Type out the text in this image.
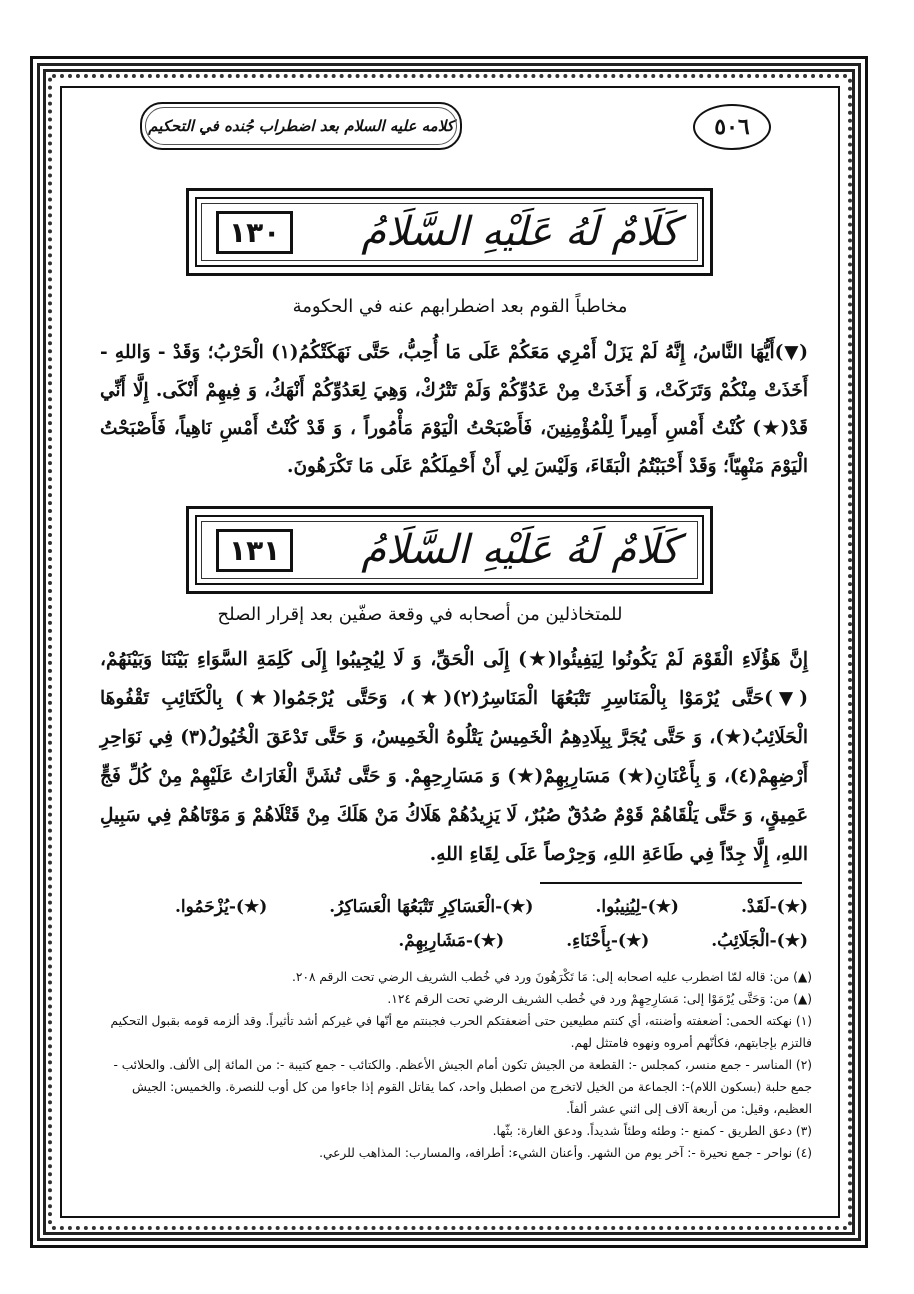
كلامه عليه السلام بعد اضطراب جُنده في التحكيم	٥٠٦
كَلَامٌ لَهُ عَلَيْهِ السَّلَامُ
١٣٠
مخاطباً القوم بعد اضطرابهم عنه في الحكومة
(▼)أَيُّهَا النَّاسُ، إِنَّهُ لَمْ يَزَلْ أَمْرِي مَعَكُمْ عَلَى مَا أُحِبُّ، حَتَّى نَهَكَتْكُمُ(١) الْحَرْبُ؛ وَقَدْ - وَاللهِ - أَخَذَتْ مِنْكُمْ وَتَرَكَتْ، وَ أَخَذَتْ مِنْ عَدُوِّكُمْ وَلَمْ تَتْرُكْ، وَهِيَ لِعَدُوِّكُمْ أَنْهَكُ، وَ فِيهِمْ أَنْكَى. إِلَّا أَنِّي قَدْ(★) كُنْتُ أَمْسِ أَمِيراً لِلْمُؤْمِنِينَ، فَأَصْبَحْتُ الْيَوْمَ مَأْمُوراً ، وَ قَدْ كُنْتُ أَمْسِ نَاهِياً، فَأَصْبَحْتُ الْيَوْمَ مَنْهِيّاً؛ وَقَدْ أَحْبَبْتُمُ الْبَقَاءَ، وَلَيْسَ لِي أَنْ أَحْمِلَكُمْ عَلَى مَا تَكْرَهُونَ.
كَلَامٌ لَهُ عَلَيْهِ السَّلَامُ
١٣١
للمتخاذلين من أصحابه في وقعة صفّين بعد إقرار الصلح
إِنَّ هَؤُلَاءِ الْقَوْمَ لَمْ يَكُونُوا لِيَفِيئُوا(★) إِلَى الْحَقِّ، وَ لَا لِيُجِيبُوا إِلَى كَلِمَةِ السَّوَاءِ بَيْنَنَا وَبَيْنَهُمْ، (▼)حَتَّى يُرْمَوْا بِالْمَنَاسِرِ تَتْبَعُهَا الْمَنَاسِرُ(٢)(★)، وَحَتَّى يُرْجَمُوا(★) بِالْكَتَائِبِ تَقْفُوهَا الْحَلَائِبُ(★)، وَ حَتَّى يُجَرَّ بِبِلَادِهِمُ الْخَمِيسُ يَتْلُوهُ الْخَمِيسُ، وَ حَتَّى تَدْعَقَ الْخُيُولُ(٣) فِي نَوَاحِرِ أَرْضِهِمْ(٤)، وَ بِأَعْنَانِ(★) مَسَارِبِهِمْ(★) وَ مَسَارِحِهِمْ. وَ حَتَّى تُشَنَّ الْغَارَاتُ عَلَيْهِمْ مِنْ كُلِّ فَجٍّ عَمِيقٍ، وَ حَتَّى يَلْقَاهُمْ قَوْمٌ صُدُقٌ صُبُرٌ، لَا يَزِيدُهُمْ هَلَاكُ مَنْ هَلَكَ مِنْ قَتْلَاهُمْ وَ مَوْتَاهُمْ فِي سَبِيلِ اللهِ، إِلَّا جِدّاً فِي طَاعَةِ اللهِ، وَحِرْصاً عَلَى لِقَاءِ اللهِ.
(★)-لَقَدْ.
(★)-لِيُنِيبُوا.
(★)-الْعَسَاكِرِ تَتْبَعُهَا الْعَسَاكِرُ.
(★)-يُزْحَمُوا.
(★)-الْجَلَائِبُ.
(★)-بِأَحْنَاءِ.
(★)-مَشَارِبِهِمْ.

(▲) من: قاله لمّا اضطرب عليه اصحابه إلى: مَا تَكْرَهُونَ ورد في خُطب الشريف الرضي تحت الرقم ٢٠٨.

(▲) من: وَحَتَّى يُرْمَوْا إلى: مَسَارِحِهِمْ ورد في خُطب الشريف الرضي تحت الرقم ١٢٤.

(١) نهكته الحمى: أضعفته وأضنته، أي كنتم مطيعين حتى أضعفتكم الحرب فجبنتم مع أنّها في غيركم أشد تأثيراً. وقد ألزمه قومه بقبول التحكيم فالتزم بإجابتهم، فكأنّهم أمروه ونهوه فامتثل لهم.

(٢) المناسر - جمع منسر، كمجلس -: القطعة من الجيش تكون أمام الجيش الأعظم. والكتائب - جمع كتيبة -: من المائة إلى الألف. والحلائب - جمع حلبة (بسكون اللام)-: الجماعة من الخيل لاتخرج من اصطبل واحد، كما يقاتل القوم إذا جاءوا من كل أوب للنصرة. والخميس: الجيش العظيم، وقيل: من أربعة آلاف إلى اثني عشر ألفاً.

(٣) دعق الطريق - كمنع -: وطئه وطئاً شديداً. ودعق الغارة: بثّها.

(٤) نواحر - جمع نحيرة -: آخر يوم من الشهر. وأعنان الشيء: أطرافه، والمسارب: المذاهب للرعي.
